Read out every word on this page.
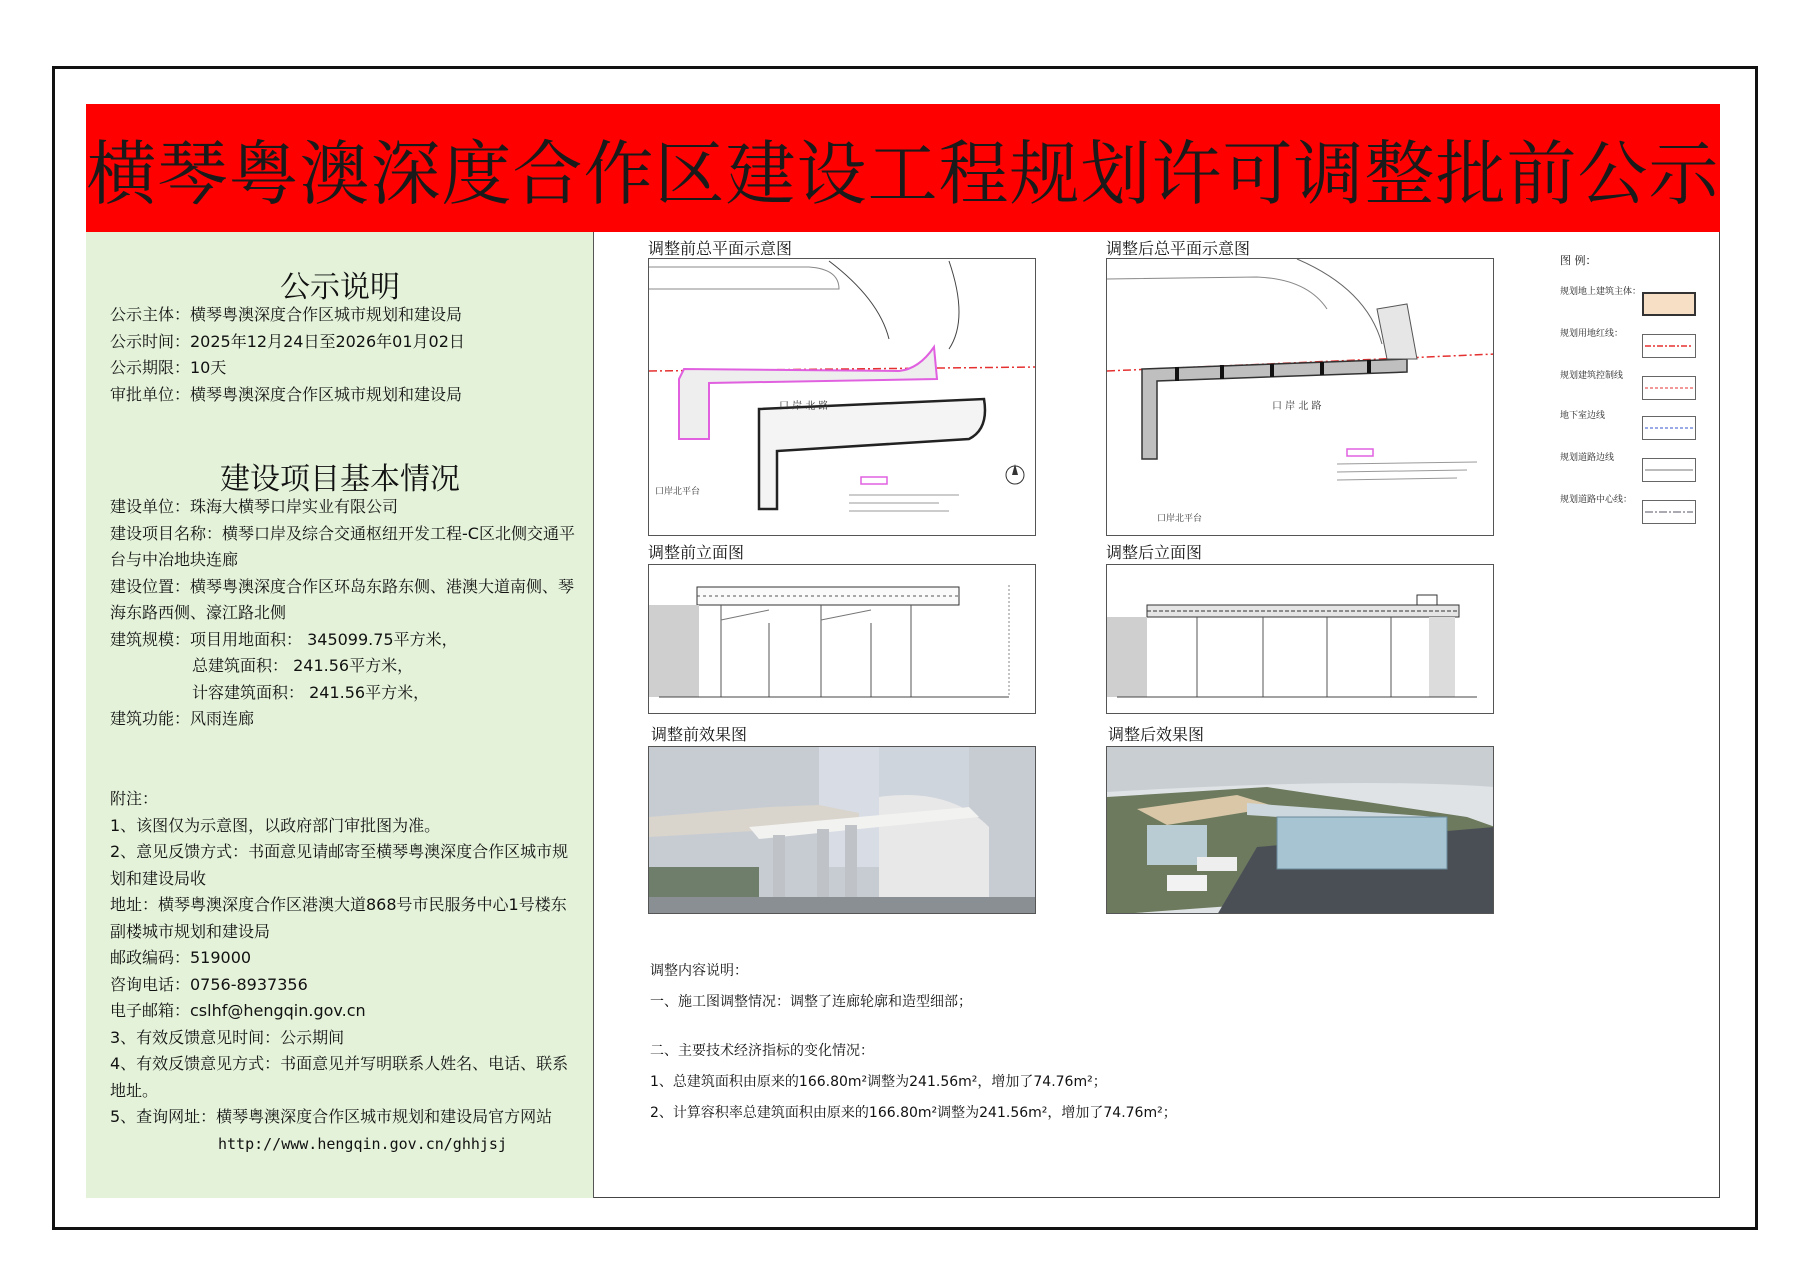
横琴粤澳深度合作区建设工程规划许可调整批前公示
公示说明
公示主体：横琴粤澳深度合作区城市规划和建设局
公示时间：2025年12月24日至2026年01月02日
公示期限：10天
审批单位：横琴粤澳深度合作区城市规划和建设局
建设项目基本情况
建设单位：珠海大横琴口岸实业有限公司
建设项目名称：横琴口岸及综合交通枢纽开发工程-C区北侧交通平台与中冶地块连廊
建设位置：横琴粤澳深度合作区环岛东路东侧、港澳大道南侧、琴海东路西侧、濠江路北侧
建筑规模：项目用地面积： 345099.75平方米，
总建筑面积： 241.56平方米，
计容建筑面积： 241.56平方米，
建筑功能：风雨连廊
附注：
1、该图仅为示意图，以政府部门审批图为准。
2、意见反馈方式：书面意见请邮寄至横琴粤澳深度合作区城市规划和建设局收
地址：横琴粤澳深度合作区港澳大道868号市民服务中心1号楼东副楼城市规划和建设局
邮政编码：519000
咨询电话：0756-8937356
电子邮箱：cslhf@hengqin.gov.cn
3、有效反馈意见时间：公示期间
4、有效反馈意见方式：书面意见并写明联系人姓名、电话、联系地址。
5、查询网址：横琴粤澳深度合作区城市规划和建设局官方网站
http://www.hengqin.gov.cn/ghhjsj
调整前总平面示意图	调整后总平面示意图
调整前立面图	调整后立面图
调整前效果图	调整后效果图
口 岸 北 路
口岸北平台
口 岸 北 路
口岸北平台
图 例：
规划地上建筑主体：
规划用地红线：
规划建筑控制线
地下室边线
规划道路边线
规划道路中心线：
调整内容说明：
一、施工图调整情况：调整了连廊轮廓和造型细部；
二、主要技术经济指标的变化情况：
1、总建筑面积由原来的166.80m²调整为241.56m²，增加了74.76m²；
2、计算容积率总建筑面积由原来的166.80m²调整为241.56m²，增加了74.76m²；
